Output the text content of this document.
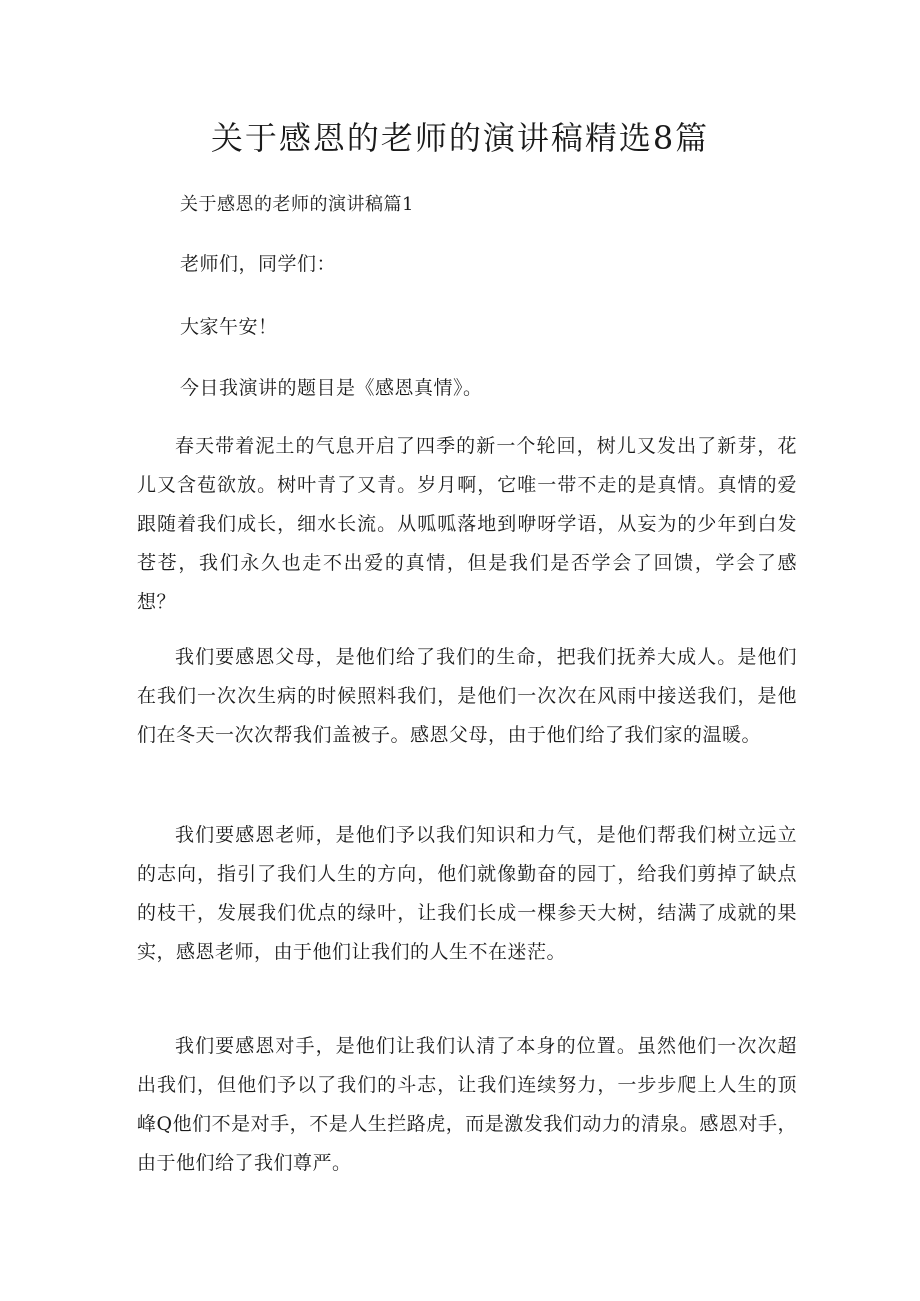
关于感恩的老师的演讲稿精选8篇

关于感恩的老师的演讲稿篇1

老师们，同学们：

大家午安！

今日我演讲的题目是《感恩真情》。

春天带着泥土的气息开启了四季的新一个轮回，树儿又发出了新芽，花儿又含苞欲放。树叶青了又青。岁月啊，它唯一带不走的是真情。真情的爱跟随着我们成长，细水长流。从呱呱落地到咿呀学语，从妄为的少年到白发苍苍，我们永久也走不出爱的真情，但是我们是否学会了回馈，学会了感想？

我们要感恩父母，是他们给了我们的生命，把我们抚养大成人。是他们在我们一次次生病的时候照料我们，是他们一次次在风雨中接送我们，是他们在冬天一次次帮我们盖被子。感恩父母，由于他们给了我们家的温暖。

我们要感恩老师，是他们予以我们知识和力气，是他们帮我们树立远立的志向，指引了我们人生的方向，他们就像勤奋的园丁，给我们剪掉了缺点的枝干，发展我们优点的绿叶，让我们长成一棵参天大树，结满了成就的果实，感恩老师，由于他们让我们的人生不在迷茫。

我们要感恩对手，是他们让我们认清了本身的位置。虽然他们一次次超出我们，但他们予以了我们的斗志，让我们连续努力，一步步爬上人生的顶峰Q他们不是对手，不是人生拦路虎，而是激发我们动力的清泉。感恩对手，由于他们给了我们尊严。
